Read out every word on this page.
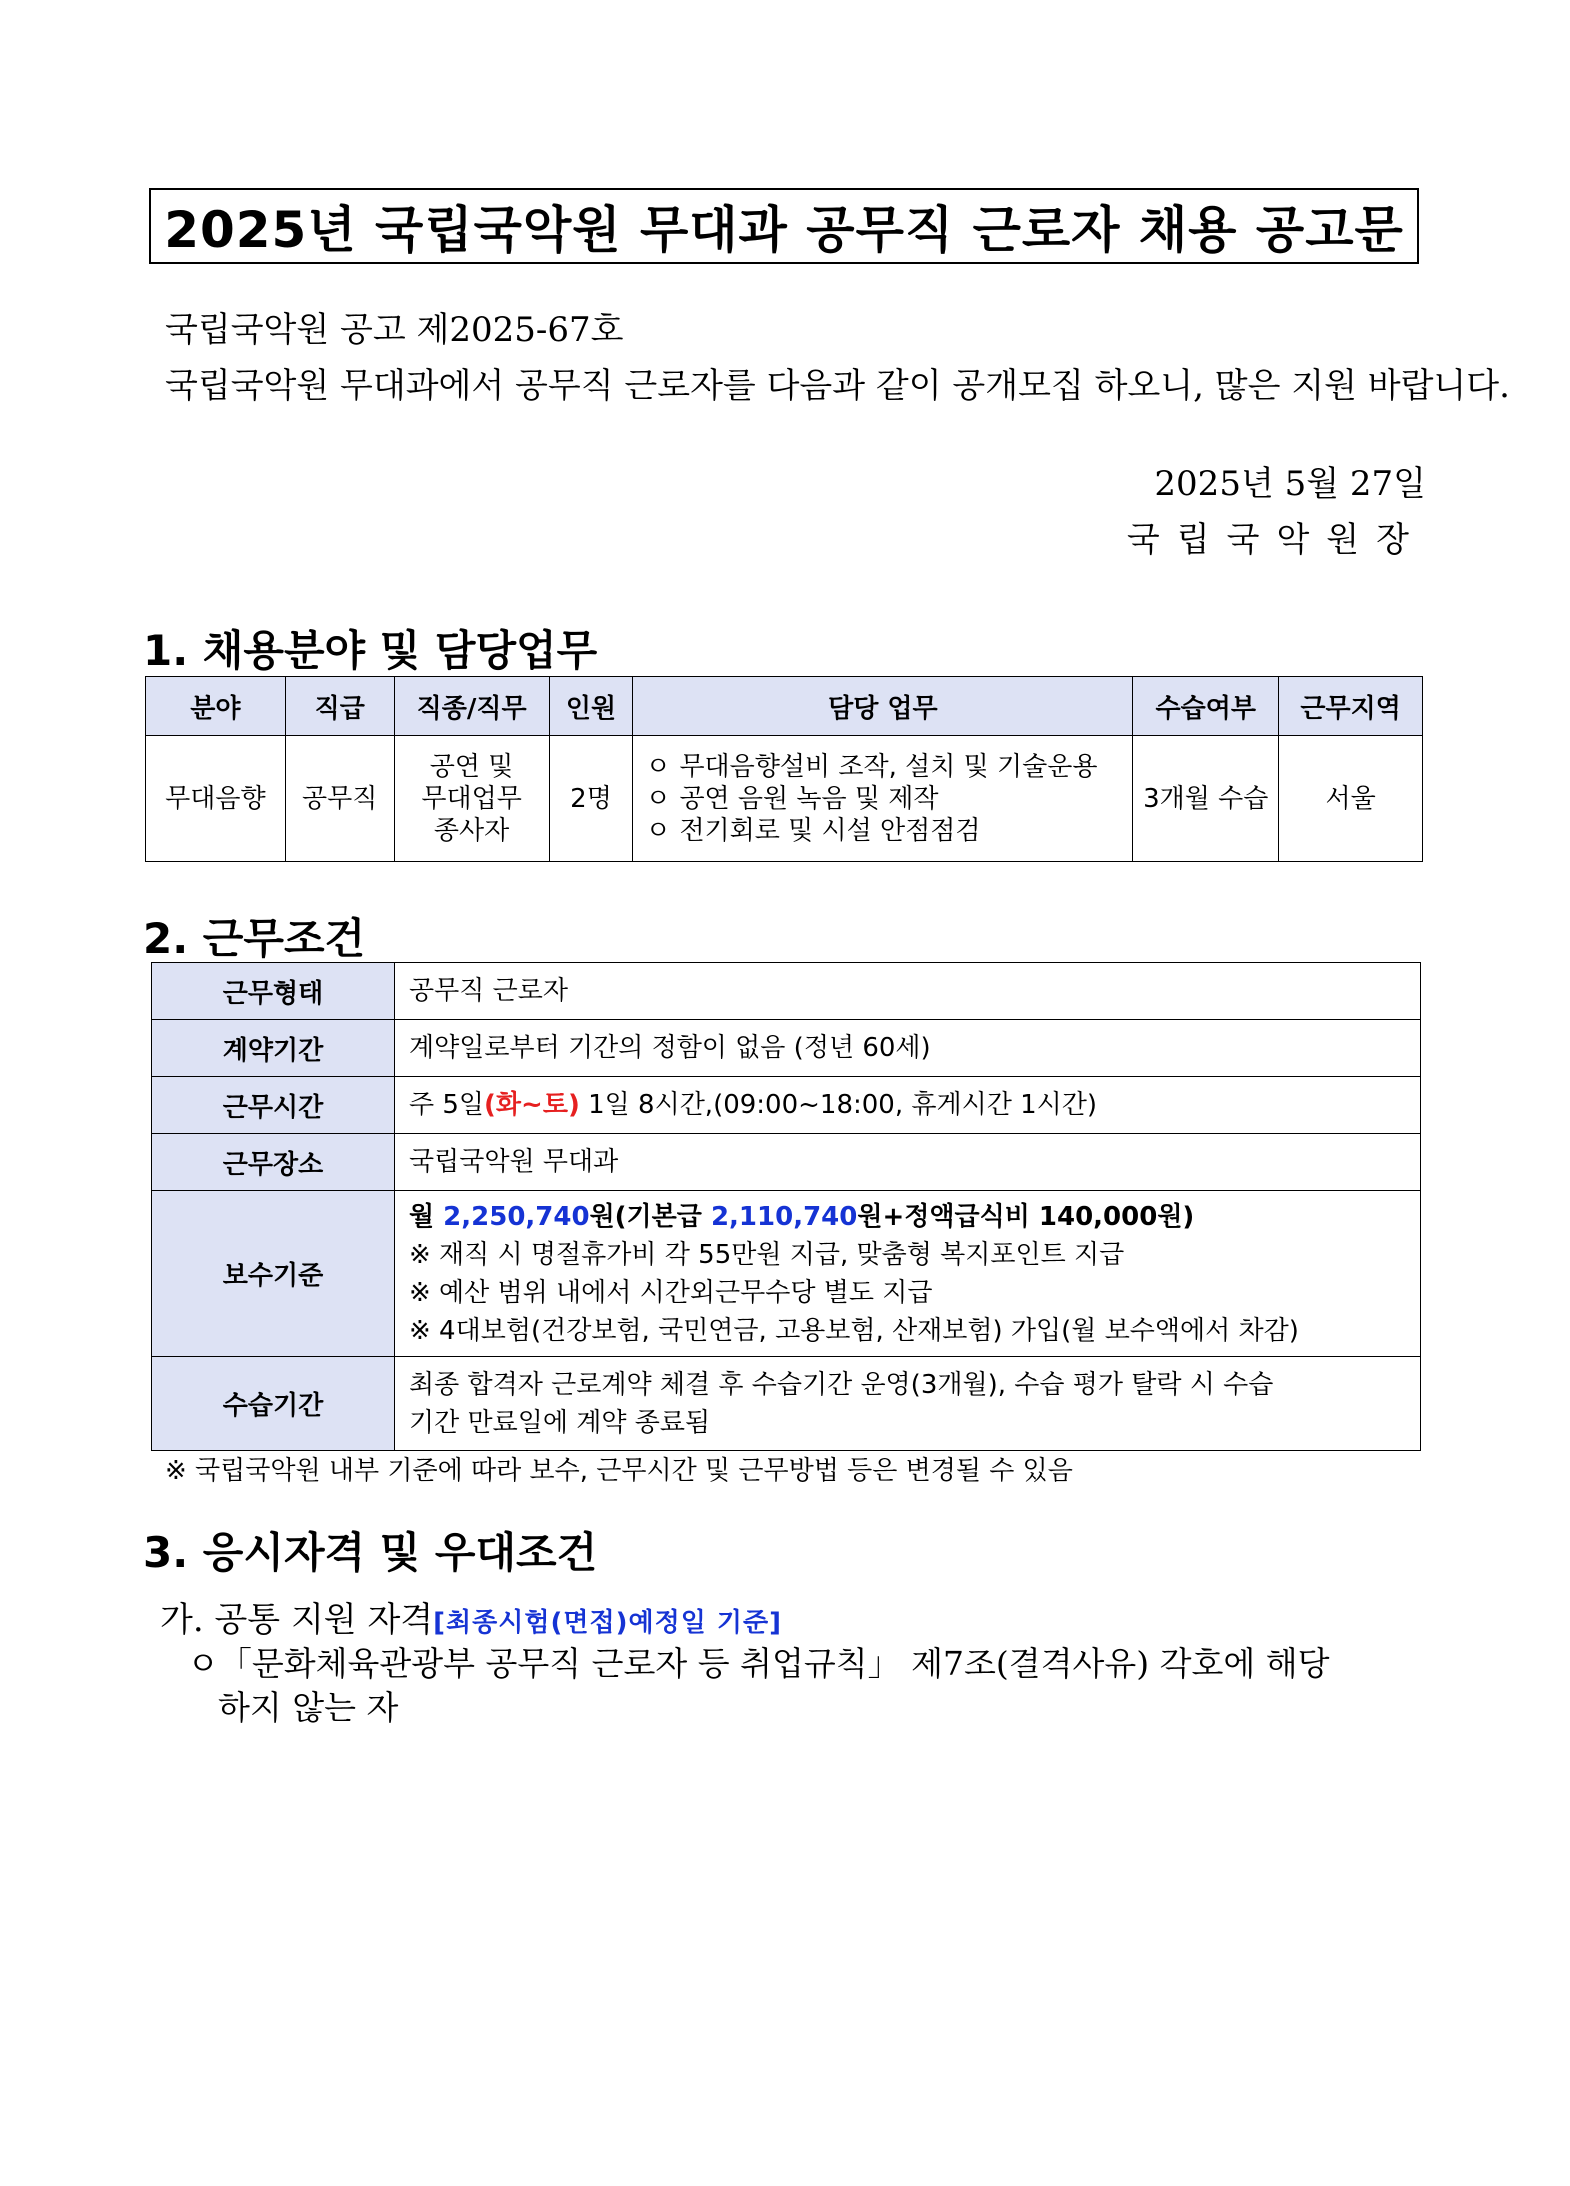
2025년 국립국악원 무대과 공무직 근로자 채용 공고문
국립국악원 공고 제2025-67호
국립국악원 무대과에서 공무직 근로자를 다음과 같이 공개모집 하오니, 많은 지원 바랍니다.
2025년 5월 27일
국립국악원장
1. 채용분야 및 담당업무
분야	직급	직종/직무	인원	담당 업무	수습여부	근무지역
무대음향	공무직	공연 및
무대업무
종사자	2명	ㅇ 무대음향설비 조작, 설치 및 기술운용
ㅇ 공연 음원 녹음 및 제작
ㅇ 전기회로 및 시설 안점점검	3개월 수습	서울
2. 근무조건
근무형태	공무직 근로자
계약기간	계약일로부터 기간의 정함이 없음 (정년 60세)
근무시간	주 5일(화~토) 1일 8시간,(09:00~18:00, 휴게시간 1시간)
근무장소	국립국악원 무대과
보수기준	월 2,250,740원(기본급 2,110,740원+정액급식비 140,000원)
※ 재직 시 명절휴가비 각 55만원 지급, 맞춤형 복지포인트 지급
※ 예산 범위 내에서 시간외근무수당 별도 지급
※ 4대보험(건강보험, 국민연금, 고용보험, 산재보험) 가입(월 보수액에서 차감)

수습기간	최종 합격자 근로계약 체결 후 수습기간 운영(3개월), 수습 평가 탈락 시 수습
기간 만료일에 계약 종료됨
※ 국립국악원 내부 기준에 따라 보수, 근무시간 및 근무방법 등은 변경될 수 있음
3. 응시자격 및 우대조건
가. 공통 지원 자격[최종시험(면접)예정일 기준]
ㅇ「문화체육관광부 공무직 근로자 등 취업규칙」 제7조(결격사유) 각호에 해당
하지 않는 자
